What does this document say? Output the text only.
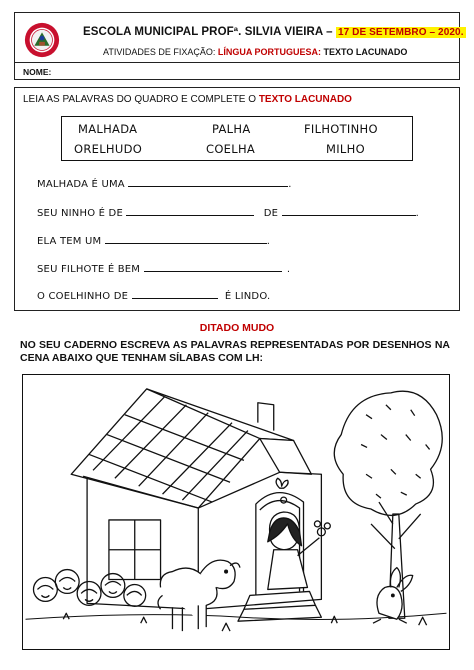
ESCOLA MUNICIPAL PROFª. SILVIA VIEIRA – 17 DE SETEMBRO – 2020.
ATIVIDADES DE FIXAÇÃO: LÍNGUA PORTUGUESA: TEXTO LACUNADO
NOME:
LEIA AS PALAVRAS DO QUADRO E COMPLETE O TEXTO LACUNADO
MALHADA	PALHA	FILHOTINHO
ORELHUDO	COELHA	MILHO
MALHADA É UMA	.
SEU NINHO É DE	DE	.
ELA TEM UM	.
SEU FILHOTE É BEM	.
O COELHINHO DE	É LINDO.
DITADO MUDO
NO SEU CADERNO ESCREVA AS PALAVRAS REPRESENTADAS POR DESENHOS NA CENA ABAIXO QUE TENHAM SÍLABAS COM LH:
